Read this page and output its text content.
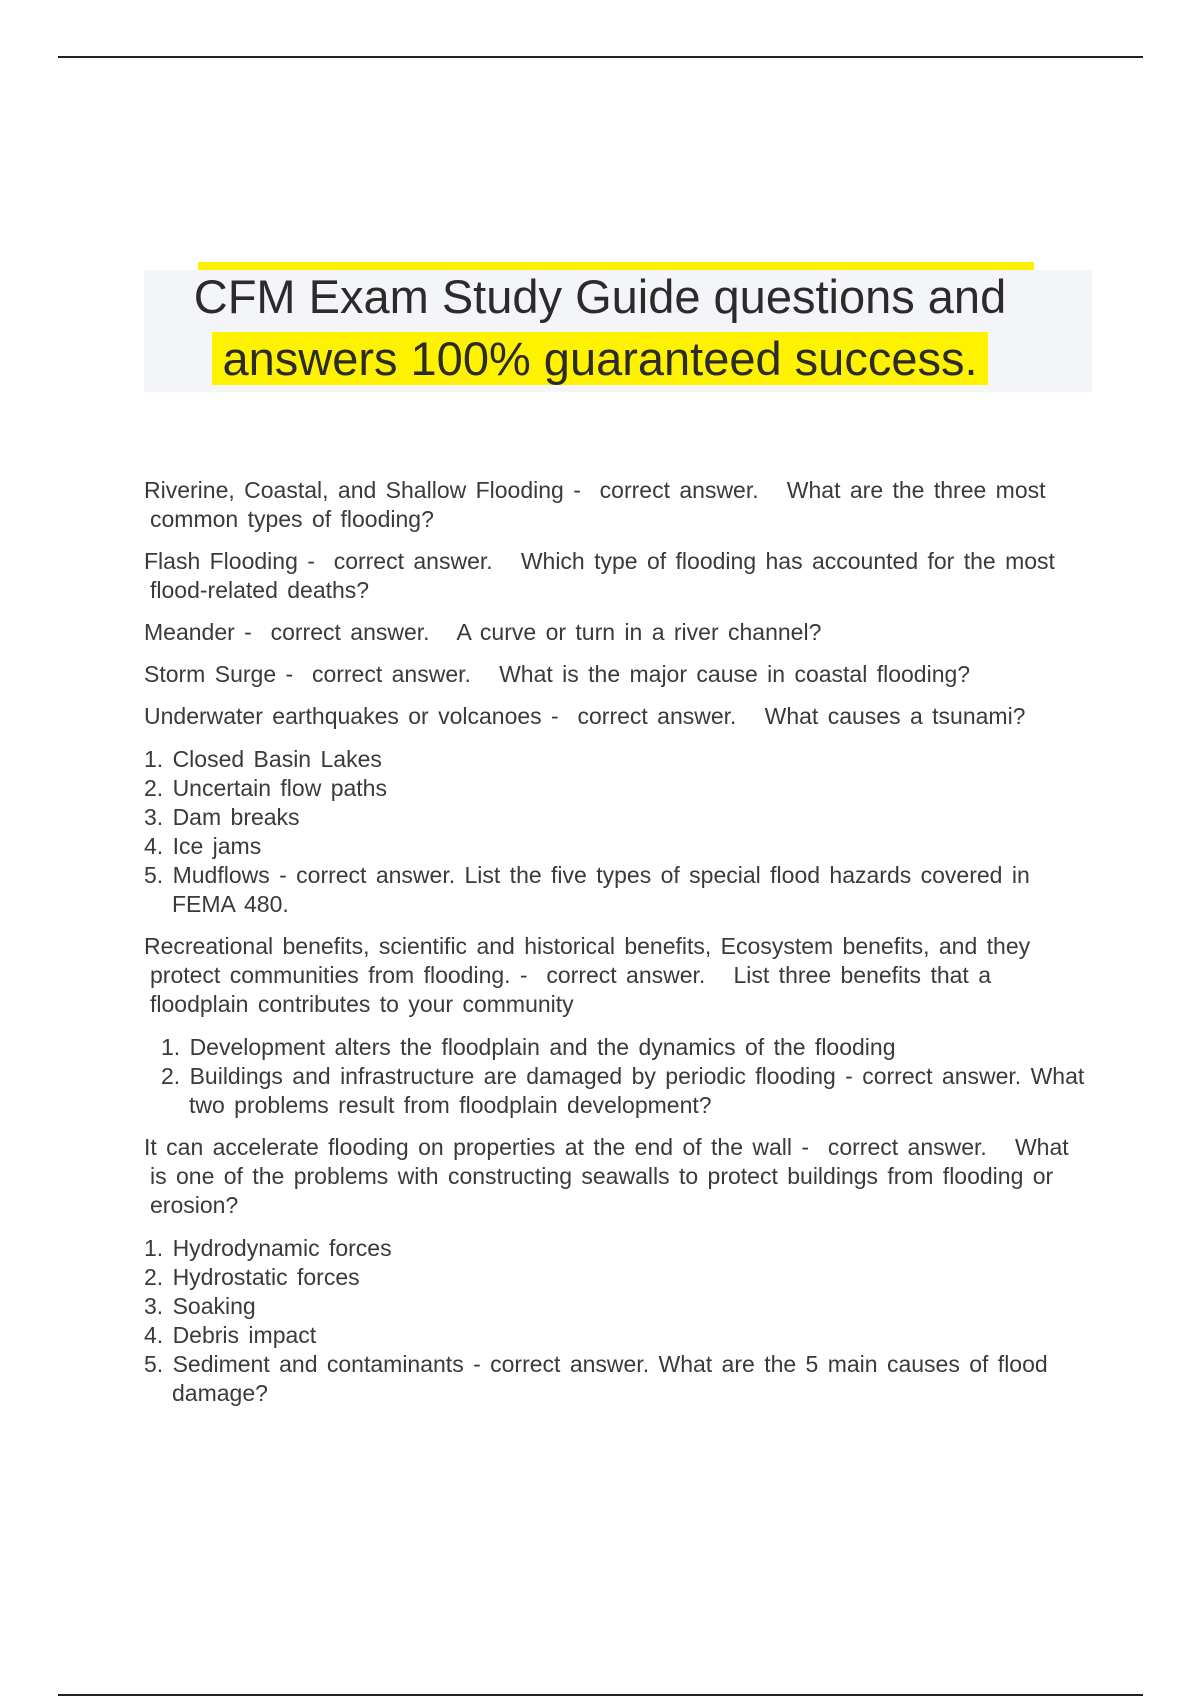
CFM Exam Study Guide questions and
answers 100% guaranteed success.

Riverine, Coastal, and Shallow Flooding -  correct answer.   What are the three most common types of flooding?

Flash Flooding -  correct answer.   Which type of flooding has accounted for the most flood-related deaths?

Meander -  correct answer.   A curve or turn in a river channel?

Storm Surge -  correct answer.   What is the major cause in coastal flooding?

Underwater earthquakes or volcanoes -  correct answer.   What causes a tsunami?

1. Closed Basin Lakes
2. Uncertain flow paths
3. Dam breaks
4. Ice jams
5. Mudflows - correct answer. List the five types of special flood hazards covered in FEMA 480.

Recreational benefits, scientific and historical benefits, Ecosystem benefits, and they protect communities from flooding. -  correct answer.   List three benefits that a floodplain contributes to your community

1. Development alters the floodplain and the dynamics of the flooding
2. Buildings and infrastructure are damaged by periodic flooding - correct answer. What two problems result from floodplain development?

It can accelerate flooding on properties at the end of the wall -  correct answer.   What is one of the problems with constructing seawalls to protect buildings from flooding or erosion?

1. Hydrodynamic forces
2. Hydrostatic forces
3. Soaking
4. Debris impact
5. Sediment and contaminants - correct answer. What are the 5 main causes of flood damage?
